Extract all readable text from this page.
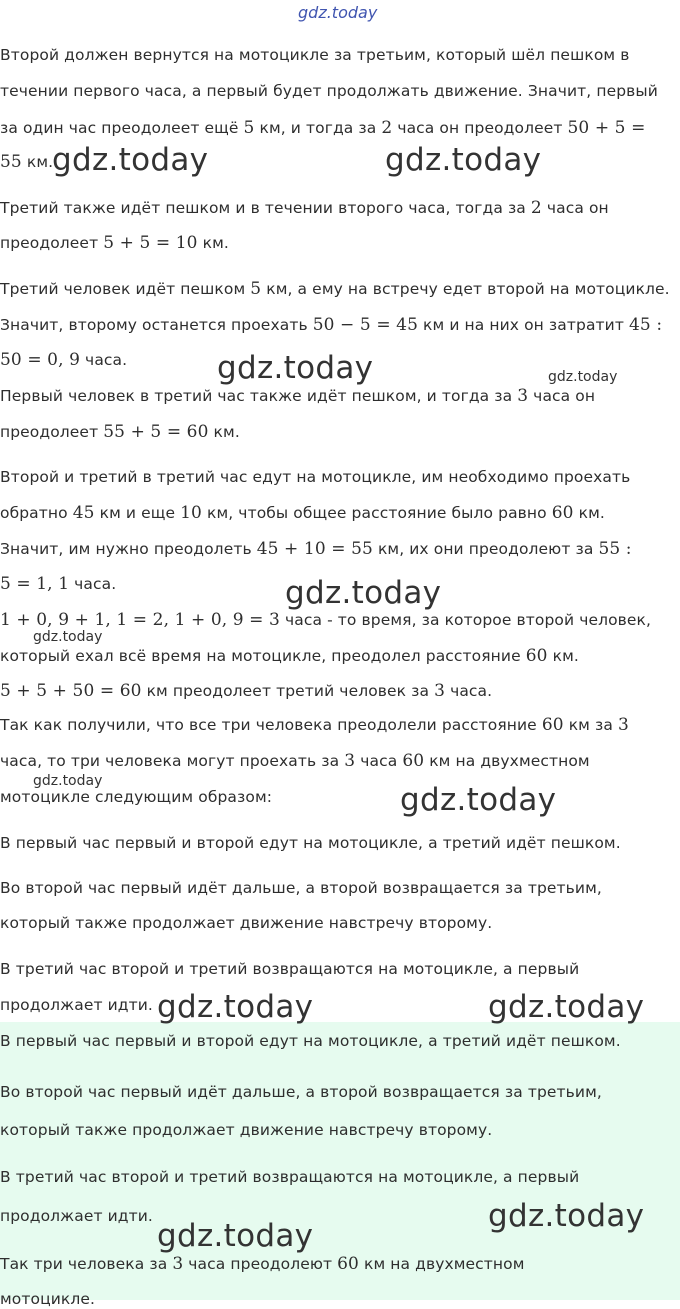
Второй должен вернутся на мотоцикле за третьим, который шёл пешком в

течении первого часа, а первый будет продолжать движение. Значит, первый

за один час преодолеет ещё 5 км, и тогда за 2 часа он преодолеет 50 + 5 =

55 км.

Третий также идёт пешком и в течении второго часа, тогда за 2 часа он

преодолеет 5 + 5 = 10 км.

Третий человек идёт пешком 5 км, а ему на встречу едет второй на мотоцикле.

Значит, второму останется проехать 50 − 5 = 45 км и на них он затратит 45 :

50 = 0, 9 часа.

Первый человек в третий час также идёт пешком, и тогда за 3 часа он

преодолеет 55 + 5 = 60 км.

Второй и третий в третий час едут на мотоцикле, им необходимо проехать

обратно 45 км и еще 10 км, чтобы общее расстояние было равно 60 км.

Значит, им нужно преодолеть 45 + 10 = 55 км, их они преодолеют за 55 :

5 = 1, 1 часа.

1 + 0, 9 + 1, 1 = 2, 1 + 0, 9 = 3 часа - то время, за которое второй человек,

который ехал всё время на мотоцикле, преодолел расстояние 60 км.

5 + 5 + 50 = 60 км преодолеет третий человек за 3 часа.

Так как получили, что все три человека преодолели расстояние 60 км за 3

часа, то три человека могут проехать за 3 часа 60 км на двухместном

мотоцикле следующим образом:

В первый час первый и второй едут на мотоцикле, а третий идёт пешком.

Во второй час первый идёт дальше, а второй возвращается за третьим,

который также продолжает движение навстречу второму.

В третий час второй и третий возвращаются на мотоцикле, а первый

продолжает идти.

В первый час первый и второй едут на мотоцикле, а третий идёт пешком.

Во второй час первый идёт дальше, а второй возвращается за третьим,

который также продолжает движение навстречу второму.

В третий час второй и третий возвращаются на мотоцикле, а первый

продолжает идти.

Так три человека за 3 часа преодолеют 60 км на двухместном

мотоцикле.

gdz.today
gdz.today	gdz.today
gdz.today	gdz.today
gdz.today
gdz.today
gdz.today
gdz.today
gdz.today	gdz.today
gdz.today
gdz.today
